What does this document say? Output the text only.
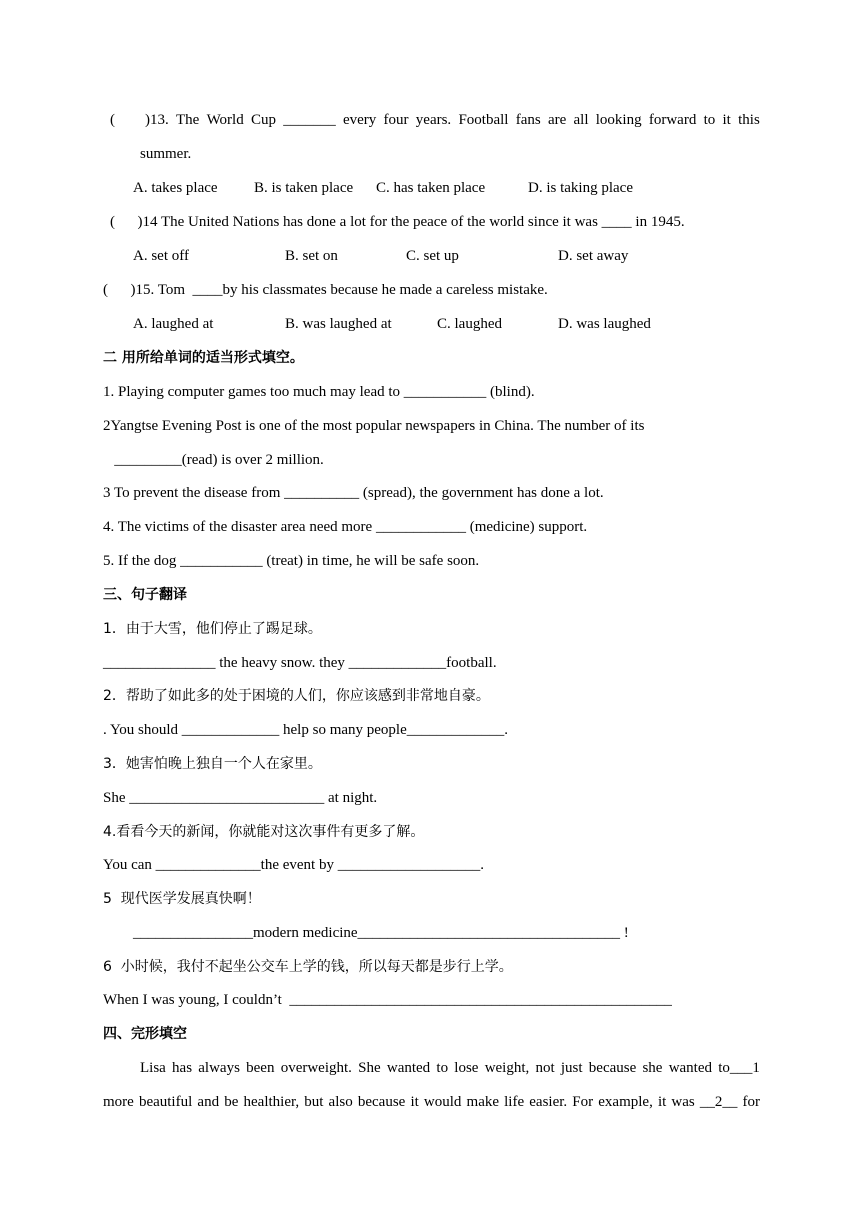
(        )13. The World Cup _______ every four years. Football fans are all looking forward to it this
summer.
A. takes place B. is taken place C. has taken place	D. is taking place
(      )14 The United Nations has done a lot for the peace of the world since it was ____ in 1945.
A. set off	B. set on	C. set up	D. set away
(      )15. Tom  ____by his classmates because he made a careless mistake.
A. laughed at	B. was laughed at	C. laughed	D. was laughed
二 用所给单词的适当形式填空。
1. Playing computer games too much may lead to ___________ (blind).
2Yangtse Evening Post is one of the most popular newspapers in China. The number of its
_________(read) is over 2 million.
3 To prevent the disease from __________ (spread), the government has done a lot.
4. The victims of the disaster area need more ____________ (medicine) support.
5. If the dog ___________ (treat) in time, he will be safe soon.
三、句子翻译
1．由于大雪，他们停止了踢足球。
_______________ the heavy snow. they _____________football.
2．帮助了如此多的处于困境的人们，你应该感到非常地自豪。
. You should _____________ help so many people_____________.
3．她害怕晚上独自一个人在家里。
She __________________________ at night.
4.看看今天的新闻，你就能对这次事件有更多了解。
You can ______________the event by ___________________.
5  现代医学发展真快啊！
________________modern medicine___________________________________ !
6  小时候，我付不起坐公交车上学的钱，所以每天都是步行上学。
When I was young, I couldn’t  ___________________________________________________
四、完形填空
Lisa has always been overweight. She wanted to lose weight, not just because she wanted to___1
more beautiful and be healthier, but also because it would make life easier. For example, it was __2__ for
